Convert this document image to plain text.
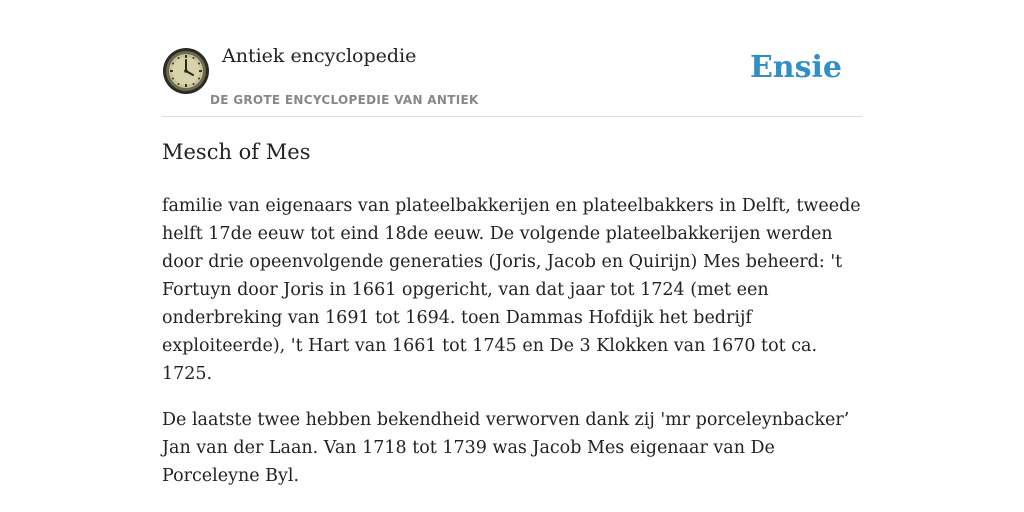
Antiek encyclopedie
DE GROTE ENCYCLOPEDIE VAN ANTIEK
Ensie
Mesch of Mes

familie van eigenaars van plateelbakkerijen en plateelbakkers in Delft, tweede helft 17de eeuw tot eind 18de eeuw. De volgende plateelbakkerijen werden door drie opeenvolgende generaties (Joris, Jacob en Quirijn) Mes beheerd: 't Fortuyn door Joris in 1661 opgericht, van dat jaar tot 1724 (met een onderbreking van 1691 tot 1694. toen Dammas Hofdijk het bedrijf exploiteerde), 't Hart van 1661 tot 1745 en De 3 Klokken van 1670 tot ca. 1725.

De laatste twee hebben bekendheid verworven dank zij 'mr porceleynbacker’ Jan van der Laan. Van 1718 tot 1739 was Jacob Mes eigenaar van De Porceleyne Byl.
